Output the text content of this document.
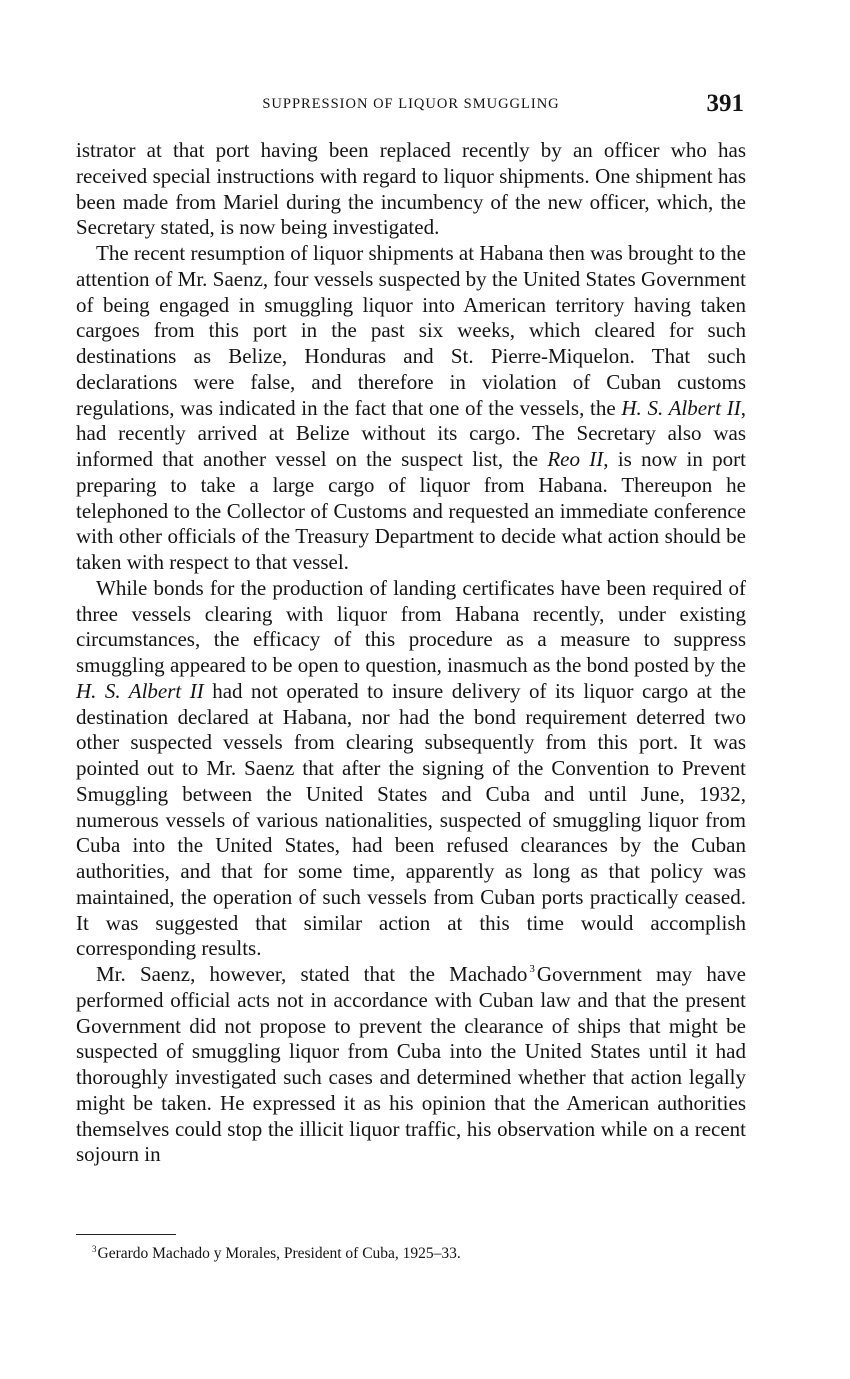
SUPPRESSION OF LIQUOR SMUGGLING	391

istrator at that port having been replaced recently by an officer who has received special instructions with regard to liquor shipments. One shipment has been made from Mariel during the incumbency of the new officer, which, the Secretary stated, is now being investigated.

The recent resumption of liquor shipments at Habana then was brought to the attention of Mr. Saenz, four vessels suspected by the United States Government of being engaged in smuggling liquor into American territory having taken cargoes from this port in the past six weeks, which cleared for such destinations as Belize, Honduras and St. Pierre-Miquelon. That such declarations were false, and therefore in violation of Cuban customs regulations, was indicated in the fact that one of the vessels, the H. S. Albert II, had recently arrived at Belize without its cargo. The Secretary also was informed that another vessel on the suspect list, the Reo II, is now in port preparing to take a large cargo of liquor from Habana. Thereupon he telephoned to the Collector of Customs and requested an immediate conference with other officials of the Treasury Department to decide what action should be taken with respect to that vessel.

While bonds for the production of landing certificates have been required of three vessels clearing with liquor from Habana recently, under existing circumstances, the efficacy of this procedure as a measure to suppress smuggling appeared to be open to question, inasmuch as the bond posted by the H. S. Albert II had not operated to insure delivery of its liquor cargo at the destination declared at Habana, nor had the bond requirement deterred two other suspected vessels from clearing subsequently from this port. It was pointed out to Mr. Saenz that after the signing of the Convention to Prevent Smuggling between the United States and Cuba and until June, 1932, numerous vessels of various nationalities, suspected of smuggling liquor from Cuba into the United States, had been refused clearances by the Cuban authorities, and that for some time, apparently as long as that policy was maintained, the operation of such vessels from Cuban ports practically ceased. It was suggested that similar action at this time would accomplish corresponding results.

Mr. Saenz, however, stated that the Machado $^3$Government may have performed official acts not in accordance with Cuban law and that the present Government did not propose to prevent the clearance of ships that might be suspected of smuggling liquor from Cuba into the United States until it had thoroughly investigated such cases and determined whether that action legally might be taken. He expressed it as his opinion that the American authorities themselves could stop the illicit liquor traffic, his observation while on a recent sojourn in

$^3$Gerardo Machado y Morales, President of Cuba, 1925–33.
